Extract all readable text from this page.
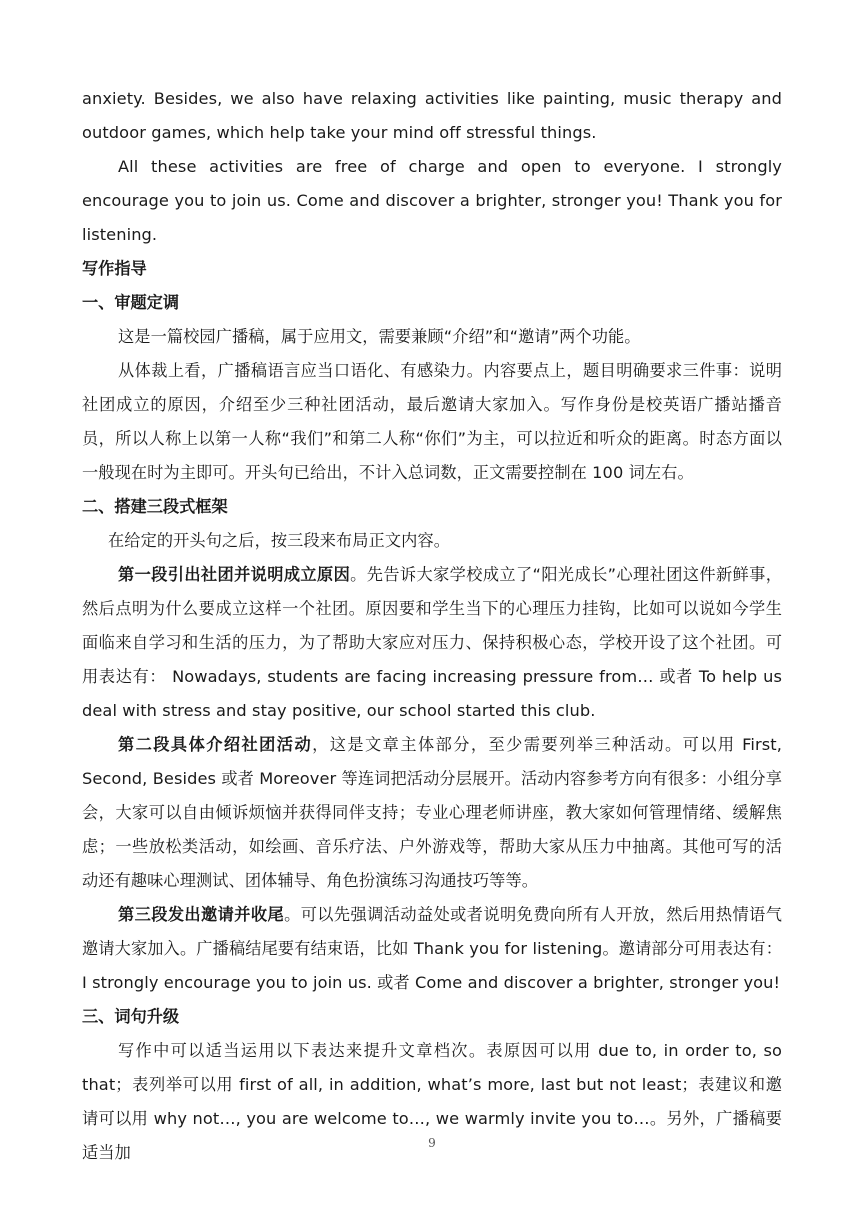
anxiety. Besides, we also have relaxing activities like painting, music therapy and outdoor games, which help take your mind off stressful things.

All these activities are free of charge and open to everyone. I strongly encourage you to join us. Come and discover a brighter, stronger you! Thank you for listening.

写作指导

一、审题定调

这是一篇校园广播稿，属于应用文，需要兼顾“介绍”和“邀请”两个功能。

从体裁上看，广播稿语言应当口语化、有感染力。内容要点上，题目明确要求三件事：说明社团成立的原因，介绍至少三种社团活动，最后邀请大家加入。写作身份是校英语广播站播音员，所以人称上以第一人称“我们”和第二人称“你们”为主，可以拉近和听众的距离。时态方面以一般现在时为主即可。开头句已给出，不计入总词数，正文需要控制在 100 词左右。

二、搭建三段式框架

在给定的开头句之后，按三段来布局正文内容。

第一段引出社团并说明成立原因。先告诉大家学校成立了“阳光成长”心理社团这件新鲜事，然后点明为什么要成立这样一个社团。原因要和学生当下的心理压力挂钩，比如可以说如今学生面临来自学习和生活的压力，为了帮助大家应对压力、保持积极心态，学校开设了这个社团。可用表达有： Nowadays, students are facing increasing pressure from… 或者 To help us deal with stress and stay positive, our school started this club.

第二段具体介绍社团活动，这是文章主体部分，至少需要列举三种活动。可以用 First, Second, Besides 或者 Moreover 等连词把活动分层展开。活动内容参考方向有很多：小组分享会，大家可以自由倾诉烦恼并获得同伴支持；专业心理老师讲座，教大家如何管理情绪、缓解焦虑；一些放松类活动，如绘画、音乐疗法、户外游戏等，帮助大家从压力中抽离。其他可写的活动还有趣味心理测试、团体辅导、角色扮演练习沟通技巧等等。

第三段发出邀请并收尾。可以先强调活动益处或者说明免费向所有人开放，然后用热情语气邀请大家加入。广播稿结尾要有结束语，比如 Thank you for listening。邀请部分可用表达有： I strongly encourage you to join us. 或者 Come and discover a brighter, stronger you!

三、词句升级

写作中可以适当运用以下表达来提升文章档次。表原因可以用 due to, in order to, so that；表列举可以用 first of all, in addition, what’s more, last but not least；表建议和邀请可以用 why not…, you are welcome to…, we warmly invite you to…。另外，广播稿要适当加	9
